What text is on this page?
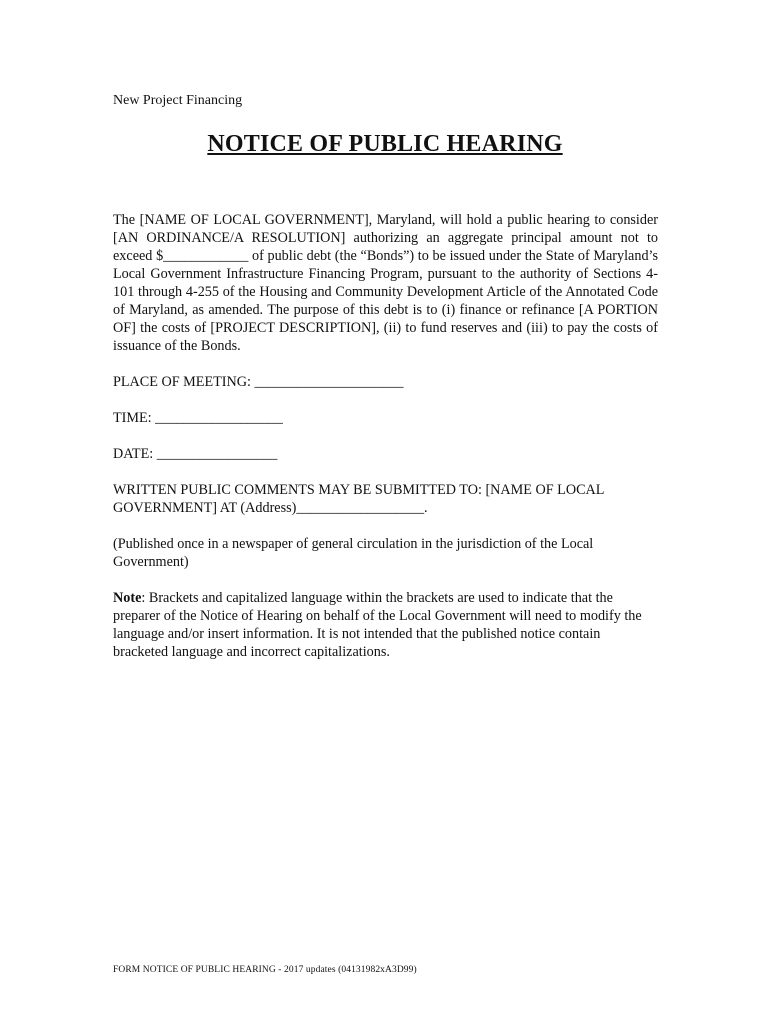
New Project Financing
NOTICE OF PUBLIC HEARING

The [NAME OF LOCAL GOVERNMENT], Maryland, will hold a public hearing to consider [AN ORDINANCE/A RESOLUTION] authorizing an aggregate principal amount not to exceed $____________ of public debt (the “Bonds”) to be issued under the State of Maryland’s Local Government Infrastructure Financing Program, pursuant to the authority of Sections 4-101 through 4-255 of the Housing and Community Development Article of the Annotated Code of Maryland, as amended. The purpose of this debt is to (i) finance or refinance [A PORTION OF] the costs of [PROJECT DESCRIPTION], (ii) to fund reserves and (iii) to pay the costs of issuance of the Bonds.

PLACE OF MEETING: _____________________

TIME: __________________

DATE: _________________

WRITTEN PUBLIC COMMENTS MAY BE SUBMITTED TO: [NAME OF LOCAL GOVERNMENT] AT (Address)__________________.

(Published once in a newspaper of general circulation in the jurisdiction of the Local Government)

Note: Brackets and capitalized language within the brackets are used to indicate that the preparer of the Notice of Hearing on behalf of the Local Government will need to modify the language and/or insert information. It is not intended that the published notice contain bracketed language and incorrect capitalizations.

FORM NOTICE OF PUBLIC HEARING - 2017 updates (04131982xA3D99)
